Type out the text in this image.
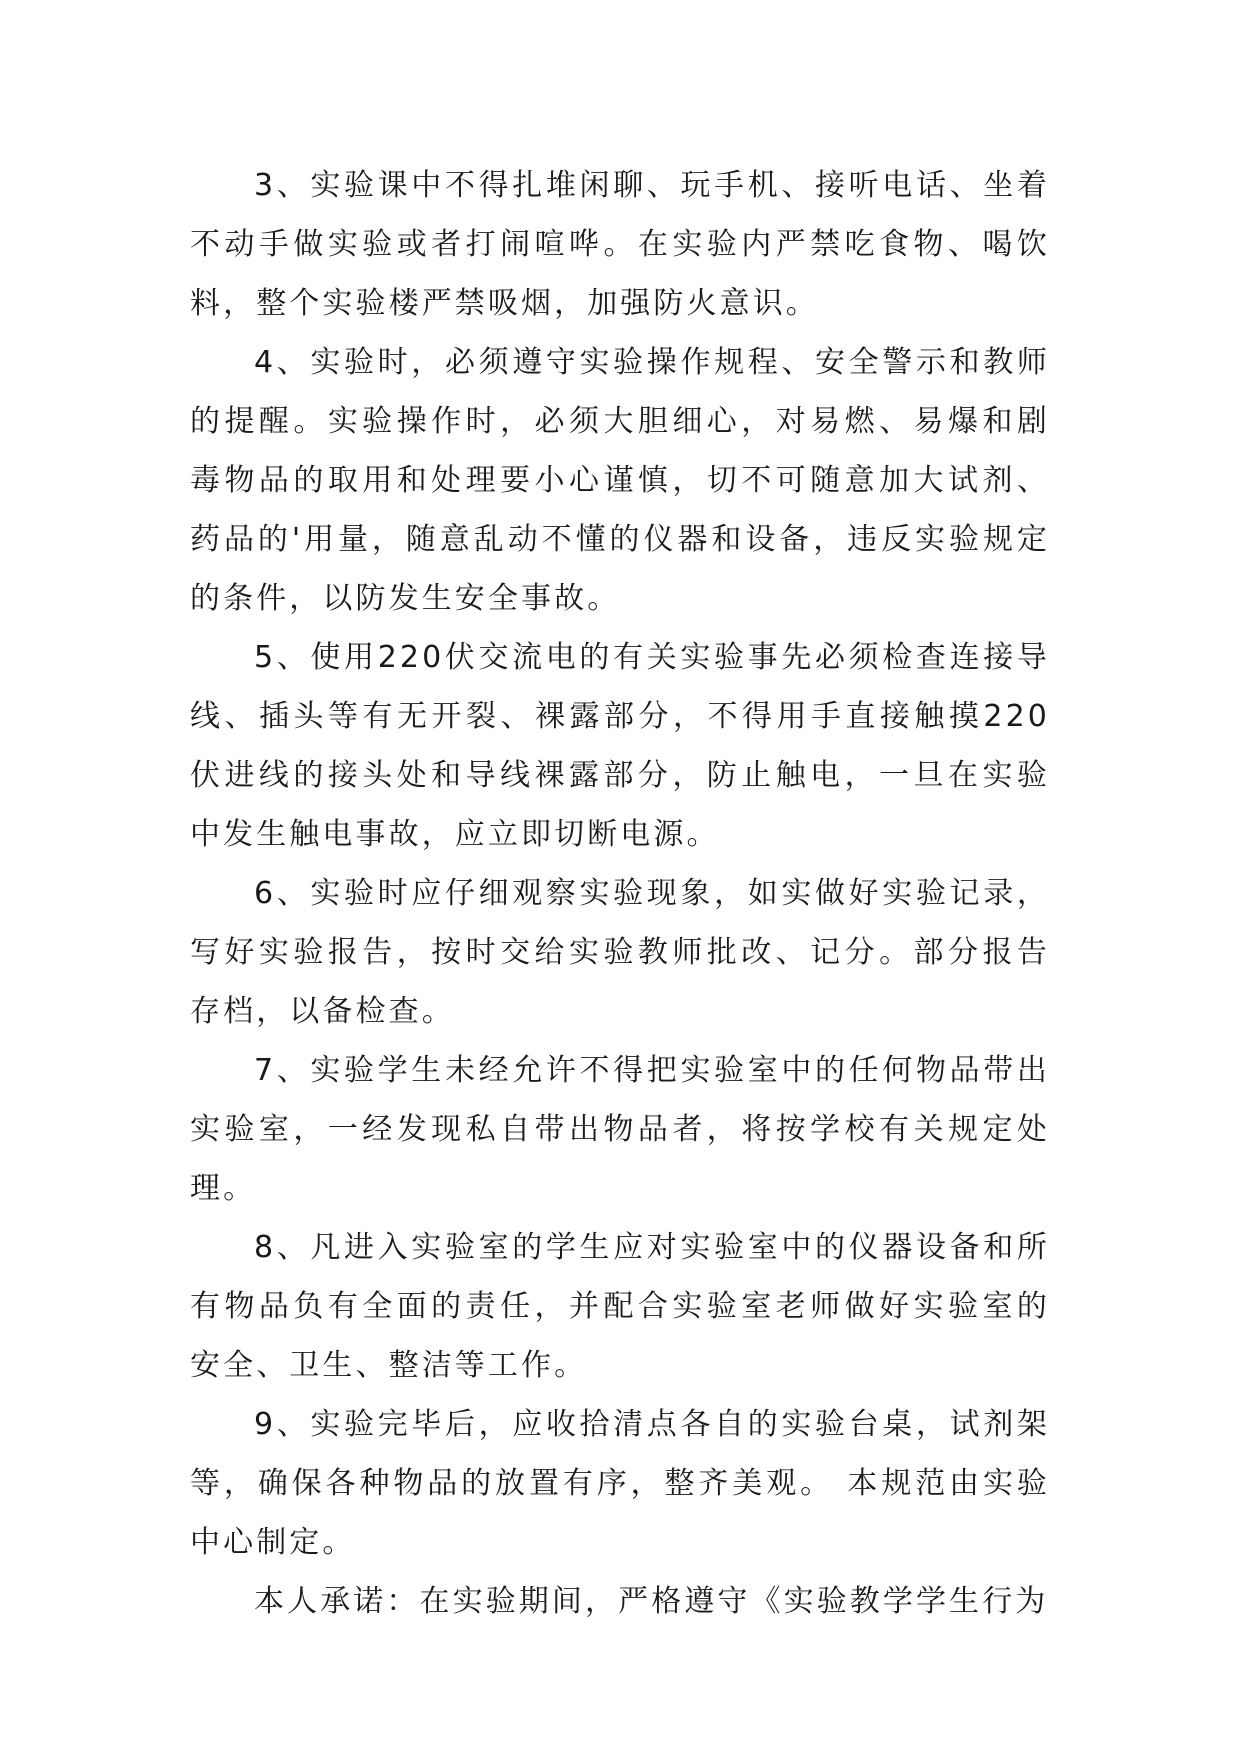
3、实验课中不得扎堆闲聊、玩手机、接听电话、坐着不动手做实验或者打闹喧哗。在实验内严禁吃食物、喝饮料，整个实验楼严禁吸烟，加强防火意识。

4、实验时，必须遵守实验操作规程、安全警示和教师的提醒。实验操作时，必须大胆细心，对易燃、易爆和剧毒物品的取用和处理要小心谨慎，切不可随意加大试剂、药品的'用量，随意乱动不懂的仪器和设备，违反实验规定的条件，以防发生安全事故。

5、使用220伏交流电的有关实验事先必须检查连接导线、插头等有无开裂、裸露部分，不得用手直接触摸220伏进线的接头处和导线裸露部分，防止触电，一旦在实验中发生触电事故，应立即切断电源。

6、实验时应仔细观察实验现象，如实做好实验记录，写好实验报告，按时交给实验教师批改、记分。部分报告存档，以备检查。

7、实验学生未经允许不得把实验室中的任何物品带出实验室，一经发现私自带出物品者，将按学校有关规定处理。

8、凡进入实验室的学生应对实验室中的仪器设备和所有物品负有全面的责任，并配合实验室老师做好实验室的安全、卫生、整洁等工作。

9、实验完毕后，应收拾清点各自的实验台桌，试剂架等，确保各种物品的放置有序，整齐美观。 本规范由实验中心制定。

本人承诺：在实验期间，严格遵守《实验教学学生行为
